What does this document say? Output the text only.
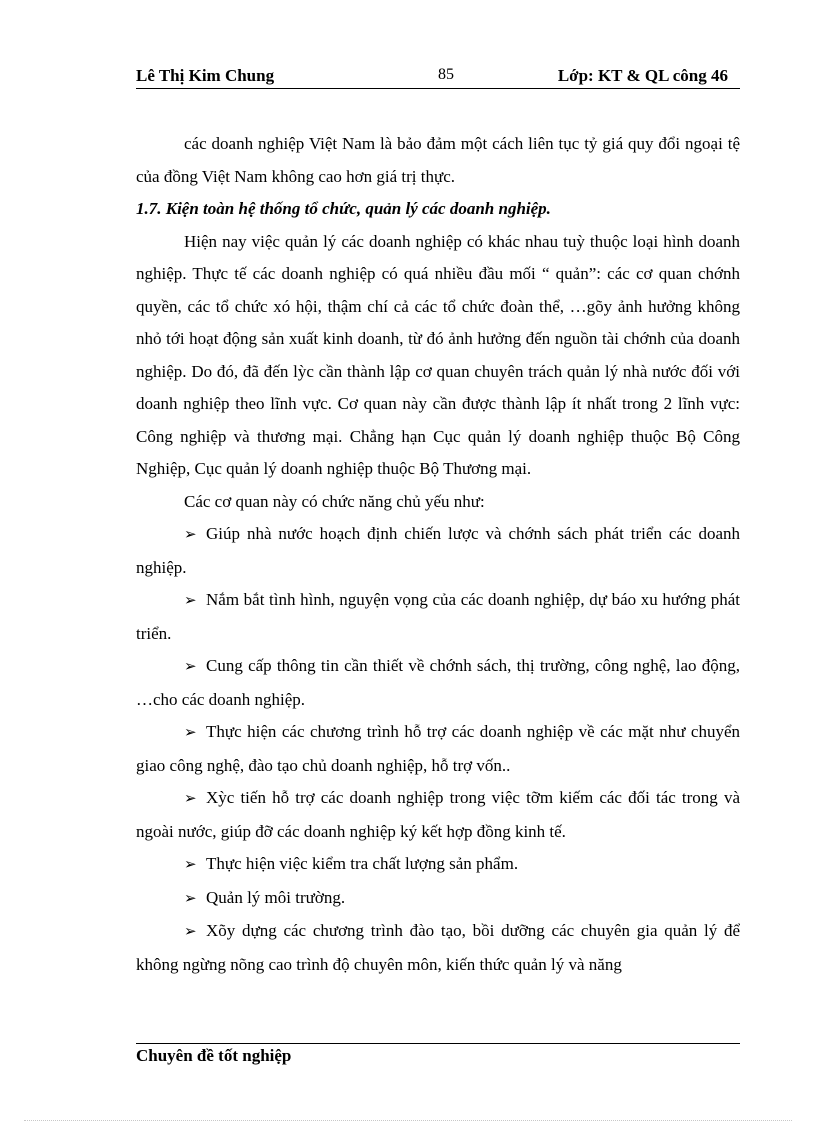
Lê Thị Kim Chung	85	Lớp: KT & QL công 46

các doanh nghiệp Việt Nam là bảo đảm một cách liên tục tỷ giá quy đổi ngoại tệ của đồng Việt Nam không cao hơn giá trị thực.

1.7. Kiện toàn hệ thống tổ chức, quản lý các doanh nghiệp.

Hiện nay việc quản lý các doanh nghiệp có khác nhau tuỳ thuộc loại hình doanh nghiệp. Thực tế các doanh nghiệp có quá nhiều đầu mối “ quản”: các cơ quan chớnh quyền, các tổ chức xó hội, thậm chí cả các tổ chức đoàn thể, …gõy ảnh hưởng không nhỏ tới hoạt động sản xuất kinh doanh, từ đó ảnh hưởng đến nguồn tài chớnh của doanh nghiệp. Do đó, đã đến lỳc cần thành lập cơ quan chuyên trách quản lý nhà nước đối với doanh nghiệp theo lĩnh vực. Cơ quan này cần được thành lập ít nhất trong 2 lĩnh vực: Công nghiệp và thương mại. Chẳng hạn Cục quản lý doanh nghiệp thuộc Bộ Công Nghiệp, Cục quản lý doanh nghiệp thuộc Bộ Thương mại.

Các cơ quan này có chức năng chủ yếu như:

➢ Giúp nhà nước hoạch định chiến lược và chớnh sách phát triển các doanh nghiệp.

➢ Nắm bắt tình hình, nguyện vọng của các doanh nghiệp, dự báo xu hướng phát triển.

➢ Cung cấp thông tin cần thiết về chớnh sách, thị trường, công nghệ, lao động, …cho các doanh nghiệp.

➢ Thực hiện các chương trình hỗ trợ các doanh nghiệp về các mặt như chuyển giao công nghệ, đào tạo chủ doanh nghiệp, hỗ trợ vốn..

➢ Xỳc tiến hỗ trợ các doanh nghiệp trong việc tỡm kiếm các đối tác trong và ngoài nước, giúp đỡ các doanh nghiệp ký kết hợp đồng kinh tế.

➢ Thực hiện việc kiểm tra chất lượng sản phẩm.

➢ Quản lý môi trường.

➢ Xõy dựng các chương trình đào tạo, bồi dưỡng các chuyên gia quản lý để không ngừng nõng cao trình độ chuyên môn, kiến thức quản lý và năng

Chuyên đề tốt nghiệp
